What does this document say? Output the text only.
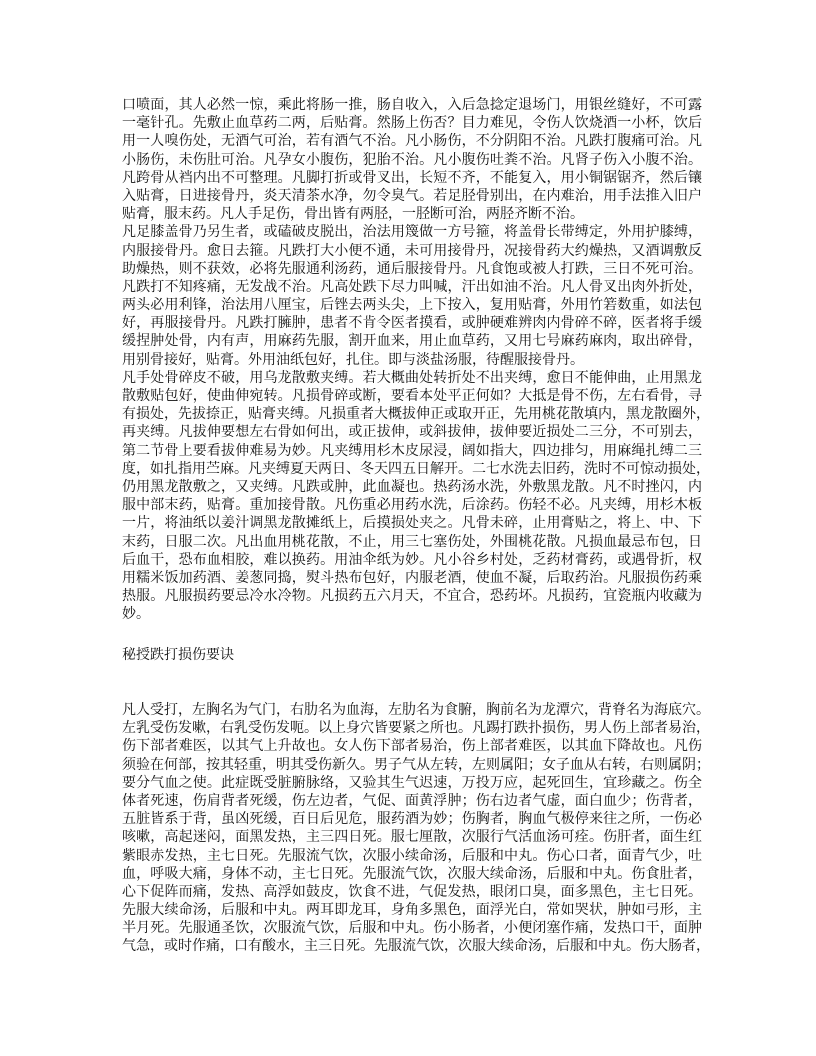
口喷面，其人必然一惊，乘此将肠一推，肠自收入，入后急捻定退场门，用银丝缝好，不可露
一毫针孔。先敷止血草药二两，后贴膏。然肠上伤否？目力难见，令伤人饮烧酒一小杯，饮后
用一人嗅伤处，无酒气可治，若有酒气不治。凡小肠伤，不分阴阳不治。凡跌打腹痛可治。凡
小肠伤，未伤肚可治。凡孕女小腹伤，犯胎不治。凡小腹伤吐粪不治。凡肾子伤入小腹不治。
凡跨骨从裆内出不可整理。凡脚打折或骨叉出，长短不齐，不能复入，用小铜锯锯齐，然后镶
入贴膏，日进接骨丹，炎天清茶水净，勿令臭气。若足胫骨别出，在内难治，用手法推入旧户
贴膏，服末药。凡人手足伤，骨出皆有两胫，一胫断可治，两胫齐断不治。
凡足膝盖骨乃另生者，或磕破皮脱出，治法用篾做一方号箍，将盖骨长带缚定，外用护膝缚，
内服接骨丹。愈日去箍。凡跌打大小便不通，未可用接骨丹，况接骨药大约燥热，又酒调敷反
助燥热，则不获效，必将先服通利汤药，通后服接骨丹。凡食饱或被人打跌，三日不死可治。
凡跌打不知疼痛，无发战不治。凡高处跌下尽力叫喊，汗出如油不治。凡人骨叉出肉外折处，
两头必用利锋，治法用八厘宝，后锉去两头尖，上下按入，复用贴膏，外用竹箬数重，如法包
好，再服接骨丹。凡跌打臃肿，患者不肯令医者摸看，或肿硬难辨肉内骨碎不碎，医者将手缓
缓捏肿处骨，内有声，用麻药先服，割开血来，用止血草药，又用七号麻药麻肉，取出碎骨，
用别骨接好，贴膏。外用油纸包好，扎住。即与淡盐汤服，待醒服接骨丹。
凡手处骨碎皮不破，用乌龙散敷夹缚。若大概曲处转折处不出夹缚，愈日不能伸曲，止用黑龙
散敷贴包好，使曲伸宛转。凡损骨碎或断，要看本处平正何如？大抵是骨不伤，左右看骨，寻
有损处，先拔捺正，贴膏夹缚。凡损重者大概拔伸正或取开正，先用桃花散填内，黑龙散圈外，
再夹缚。凡拔伸要想左右骨如何出，或正拔伸，或斜拔伸，拔伸要近损处二三分，不可别去，
第二节骨上要看拔伸难易为妙。凡夹缚用杉木皮尿浸，阔如指大，四边排匀，用麻绳扎缚二三
度，如扎指用苎麻。凡夹缚夏天两日、冬天四五日解开。二七水洗去旧药，洗时不可惊动损处，
仍用黑龙散敷之，又夹缚。凡跌或肿，此血凝也。热药汤水洗，外敷黑龙散。凡不时挫闪，内
服中部末药，贴膏。重加接骨散。凡伤重必用药水洗，后涂药。伤轻不必。凡夹缚，用杉木板
一片，将油纸以姜汁调黑龙散摊纸上，后摸损处夹之。凡骨未碎，止用膏贴之，将上、中、下
末药，日服二次。凡出血用桃花散，不止，用三七塞伤处，外围桃花散。凡损血最忌布包，日
后血干，恐布血相胶，难以换药。用油伞纸为妙。凡小谷乡村处，乏药材膏药，或遇骨折，权
用糯米饭加药酒、姜葱同捣，熨斗热布包好，内服老酒，使血不凝，后取药治。凡服损伤药乘
热服。凡服损药要忌冷水冷物。凡损药五六月天，不宜合，恐药坏。凡损药，宜瓷瓶内收藏为
妙。
秘授跌打损伤要诀
凡人受打，左胸名为气门，右肋名为血海，左肋名为食腑，胸前名为龙潭穴，背脊名为海底穴。
左乳受伤发嗽，右乳受伤发呃。以上身穴皆要紧之所也。凡踢打跌扑损伤，男人伤上部者易治，
伤下部者难医，以其气上升故也。女人伤下部者易治，伤上部者难医，以其血下降故也。凡伤
须验在何部，按其轻重，明其受伤新久。男子气从左转，左则属阳；女子血从右转，右则属阴；
要分气血之使。此症既受脏腑脉络，又验其生气迟速，万投万应，起死回生，宜珍藏之。伤全
体者死速，伤肩背者死缓，伤左边者，气促、面黄浮肿；伤右边者气虚，面白血少；伤背者，
五脏皆系于背，虽凶死缓，百日后见危，服药酒为妙；伤胸者，胸血气极停来往之所，一伤必
咳嗽，高起迷闷，面黑发热，主三四日死。服七厘散，次服行气活血汤可痊。伤肝者，面生红
紫眼赤发热，主七日死。先服流气饮，次服小续命汤，后服和中丸。伤心口者，面青气少，吐
血，呼吸大痛，身体不动，主七日死。先服流气饮，次服大续命汤，后服和中丸。伤食肚者，
心下促阵而痛，发热、高浮如鼓皮，饮食不进，气促发热，眼闭口臭，面多黑色，主七日死。
先服大续命汤，后服和中丸。两耳即龙耳，身角多黑色，面浮光白，常如哭状，肿如弓形，主
半月死。先服通圣饮，次服流气饮，后服和中丸。伤小肠者，小便闭塞作痛，发热口干，面肿
气急，或时作痛，口有酸水，主三日死。先服流气饮，次服大续命汤，后服和中丸。伤大肠者，
